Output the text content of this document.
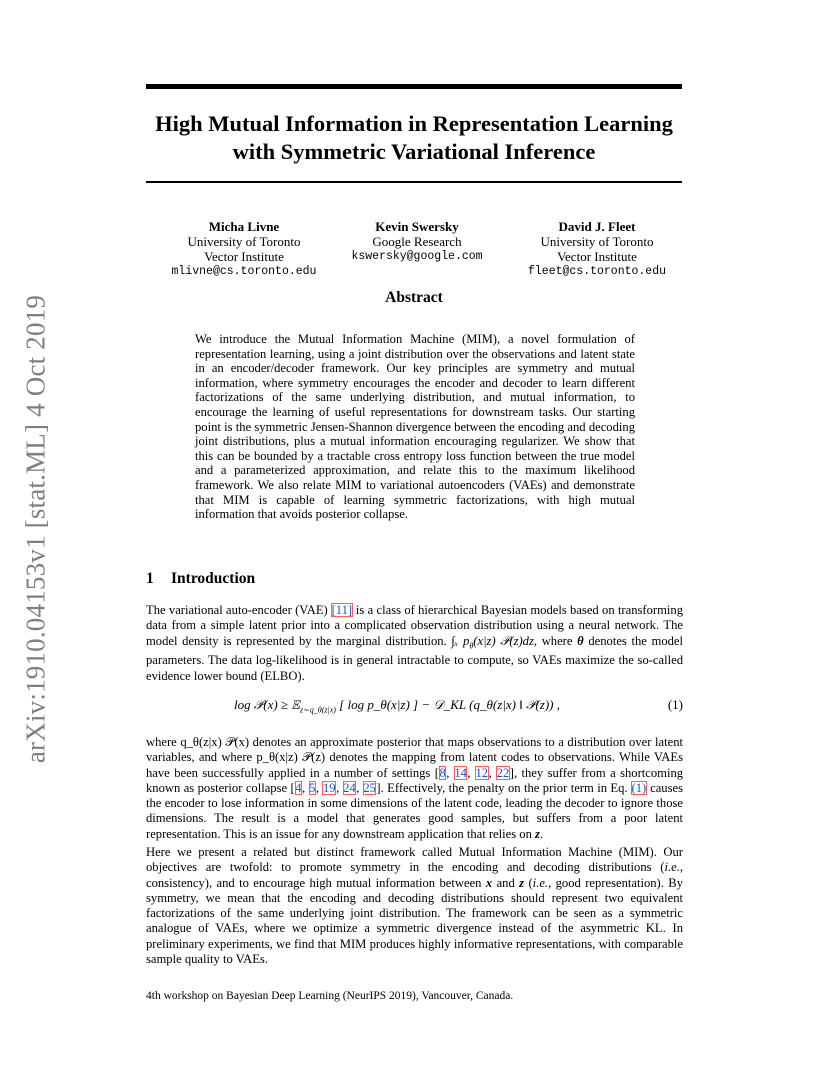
arXiv:1910.04153v1 [stat.ML] 4 Oct 2019
High Mutual Information in Representation Learning
with Symmetric Variational Inference
Micha Livne
University of Toronto
Vector Institute
mlivne@cs.toronto.edu
Kevin Swersky
Google Research
kswersky@google.com
David J. Fleet
University of Toronto
Vector Institute
fleet@cs.toronto.edu
Abstract

We introduce the Mutual Information Machine (MIM), a novel formulation of representation learning, using a joint distribution over the observations and latent state in an encoder/decoder framework. Our key principles are symmetry and mutual information, where symmetry encourages the encoder and decoder to learn different factorizations of the same underlying distribution, and mutual information, to encourage the learning of useful representations for downstream tasks. Our starting point is the symmetric Jensen-Shannon divergence between the encoding and decoding joint distributions, plus a mutual information encouraging regularizer. We show that this can be bounded by a tractable cross entropy loss function between the true model and a parameterized approximation, and relate this to the maximum likelihood framework. We also relate MIM to variational autoencoders (VAEs) and demonstrate that MIM is capable of learning symmetric factorizations, with high mutual information that avoids posterior collapse.

1 Introduction

The variational auto-encoder (VAE) [11] is a class of hierarchical Bayesian models based on transforming data from a simple latent prior into a complicated observation distribution using a neural network. The model density is represented by the marginal distribution. ∫ₓ $p_\theta(x|z)$ 𝒫(z)dz, where θ denotes the model parameters. The data log-likelihood is in general intractable to compute, so VAEs maximize the so-called evidence lower bound (ELBO).

log 𝒫(x) ≥ 𝔼$_{z\sim q\_\theta(z|x)}$ [ log p_θ(x|z) ] − 𝒟_KL (q_θ(z|x) ‖ 𝒫(z)) ,	(1)

where q_θ(z|x) 𝒫(x) denotes an approximate posterior that maps observations to a distribution over latent variables, and where p_θ(x|z) 𝒫(z) denotes the mapping from latent codes to observations. While VAEs have been successfully applied in a number of settings [8, 14, 12, 22], they suffer from a shortcoming known as posterior collapse [4, 5, 19, 24, 25]. Effectively, the penalty on the prior term in Eq. (1) causes the encoder to lose information in some dimensions of the latent code, leading the decoder to ignore those dimensions. The result is a model that generates good samples, but suffers from a poor latent representation. This is an issue for any downstream application that relies on z.

Here we present a related but distinct framework called Mutual Information Machine (MIM). Our objectives are twofold: to promote symmetry in the encoding and decoding distributions (i.e., consistency), and to encourage high mutual information between x and z (i.e., good representation). By symmetry, we mean that the encoding and decoding distributions should represent two equivalent factorizations of the same underlying joint distribution. The framework can be seen as a symmetric analogue of VAEs, where we optimize a symmetric divergence instead of the asymmetric KL. In preliminary experiments, we find that MIM produces highly informative representations, with comparable sample quality to VAEs.

4th workshop on Bayesian Deep Learning (NeurIPS 2019), Vancouver, Canada.
